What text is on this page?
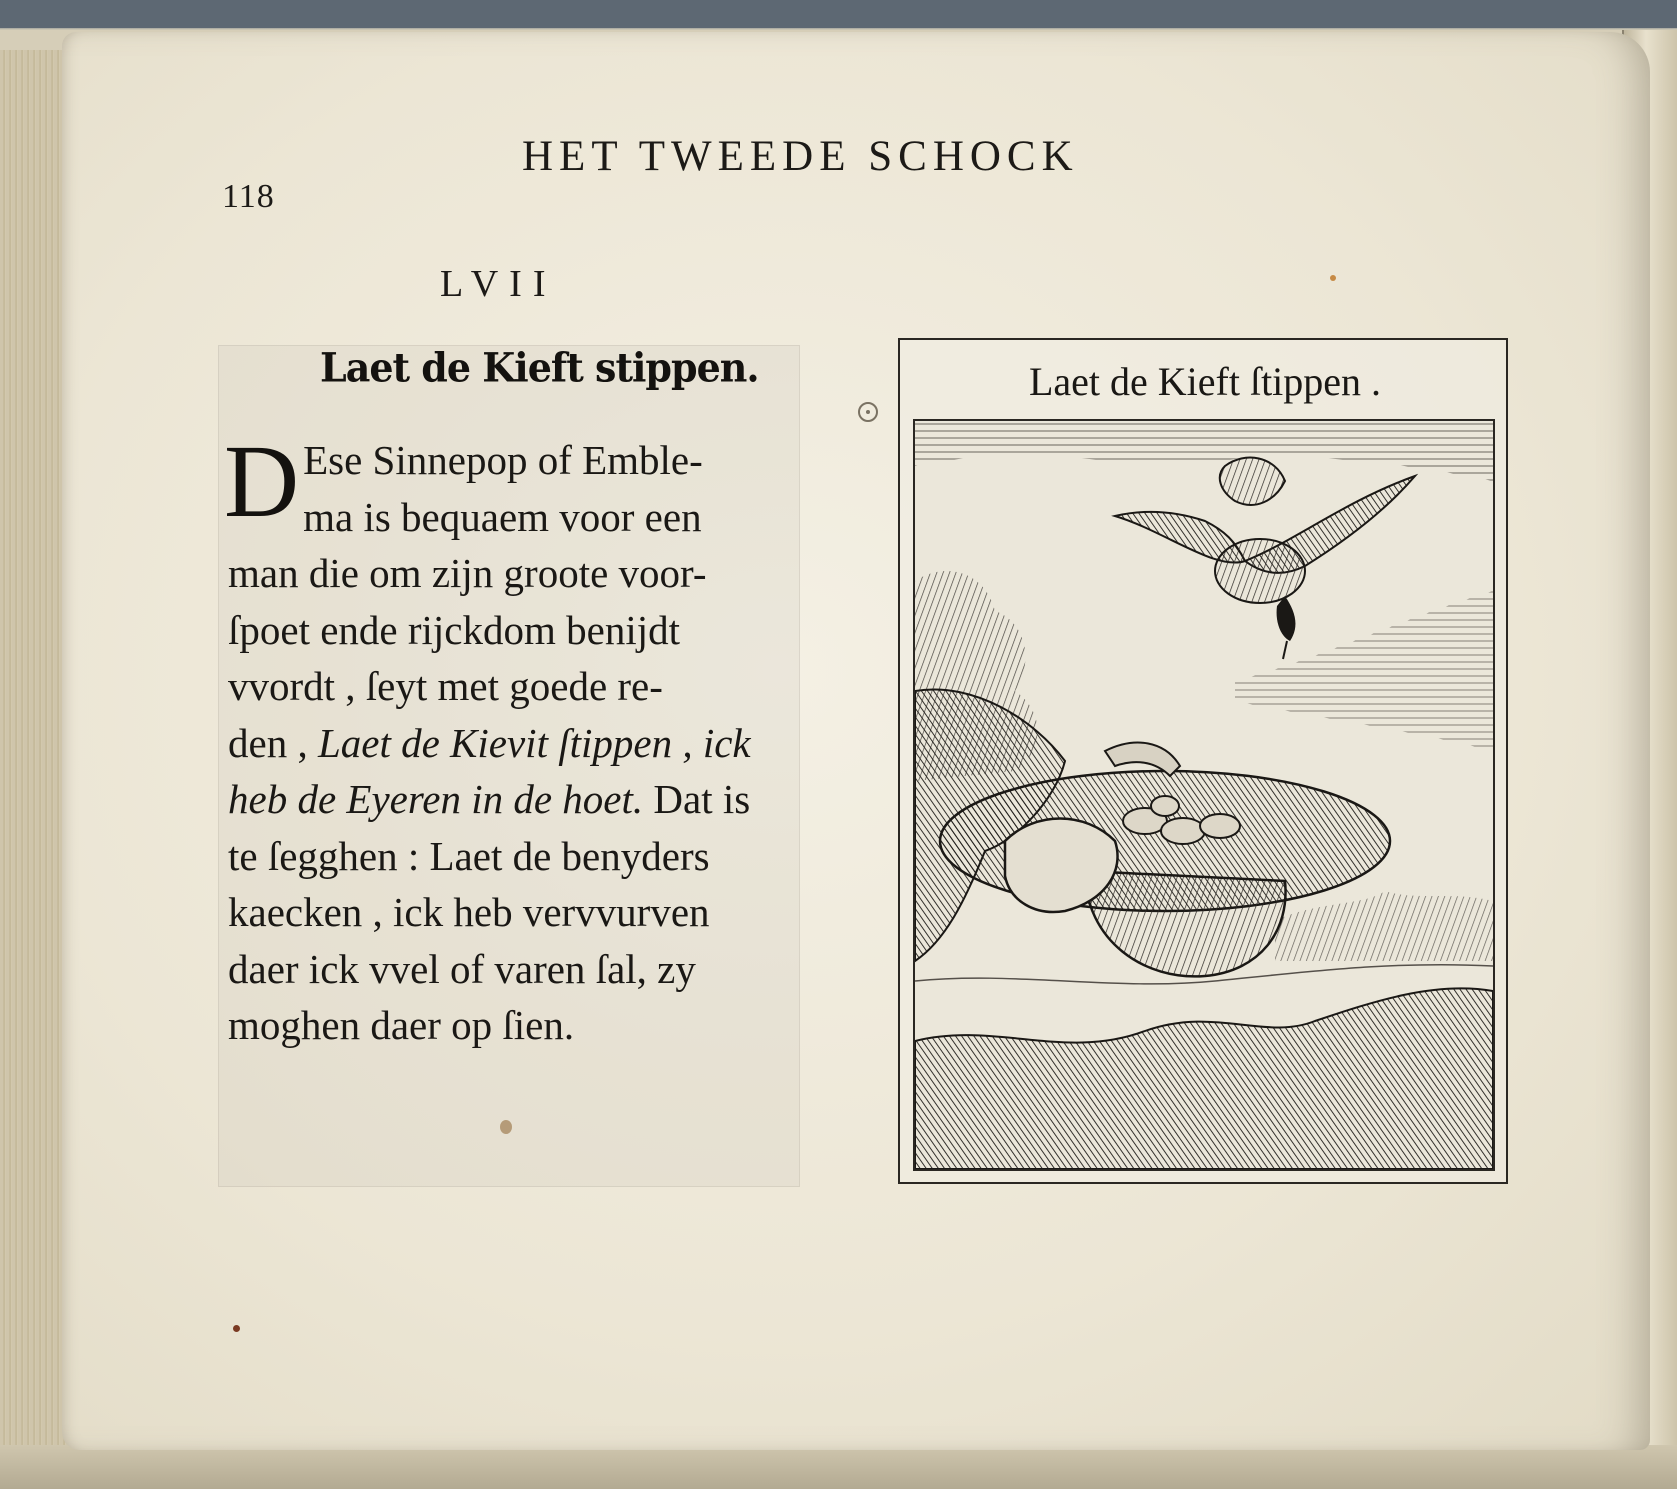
118
HET TWEEDE SCHOCK
LVII
Laet de Kieft stippen.
D Ese Sinnepop of Emble-
ma is bequaem voor een
man die om zijn groote voor-
ſpoet ende rijckdom benijdt
vvordt , ſeyt met goede re-
den , Laet de Kievit ſtippen , ick
heb de Eyeren in de hoet. Dat is
te ſegghen : Laet de benyders
kaecken , ick heb vervvurven
daer ick vvel of varen ſal, zy
moghen daer op ſien.
Laet de Kieft ſtippen .
